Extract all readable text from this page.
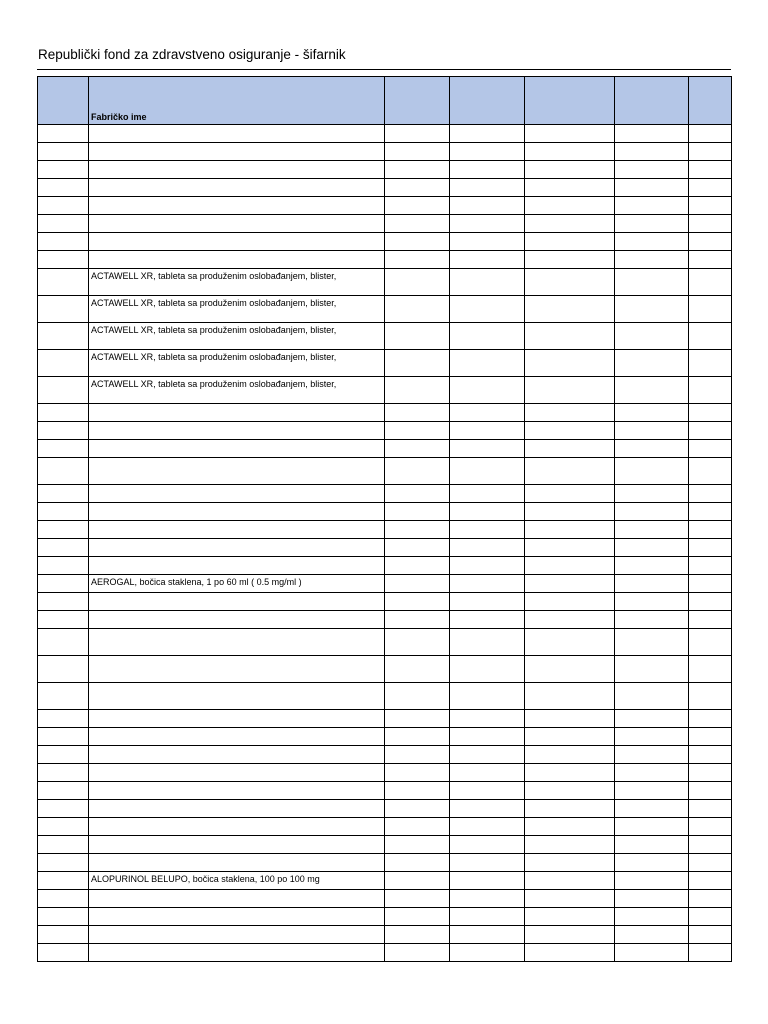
Republički fond za zdravstveno osiguranje - šifarnik

	Fabričko ime					

	ACTAWELL XR, tableta sa produženim oslobađanjem, blister,					

	ACTAWELL XR, tableta sa produženim oslobađanjem, blister,					

	ACTAWELL XR, tableta sa produženim oslobađanjem, blister,					

	ACTAWELL XR, tableta sa produženim oslobađanjem, blister,					

	ACTAWELL XR, tableta sa produženim oslobađanjem, blister,					

	AEROGAL, bočica staklena, 1 po 60 ml ( 0.5 mg/ml )					

	ALOPURINOL BELUPO, bočica staklena, 100 po 100 mg					
